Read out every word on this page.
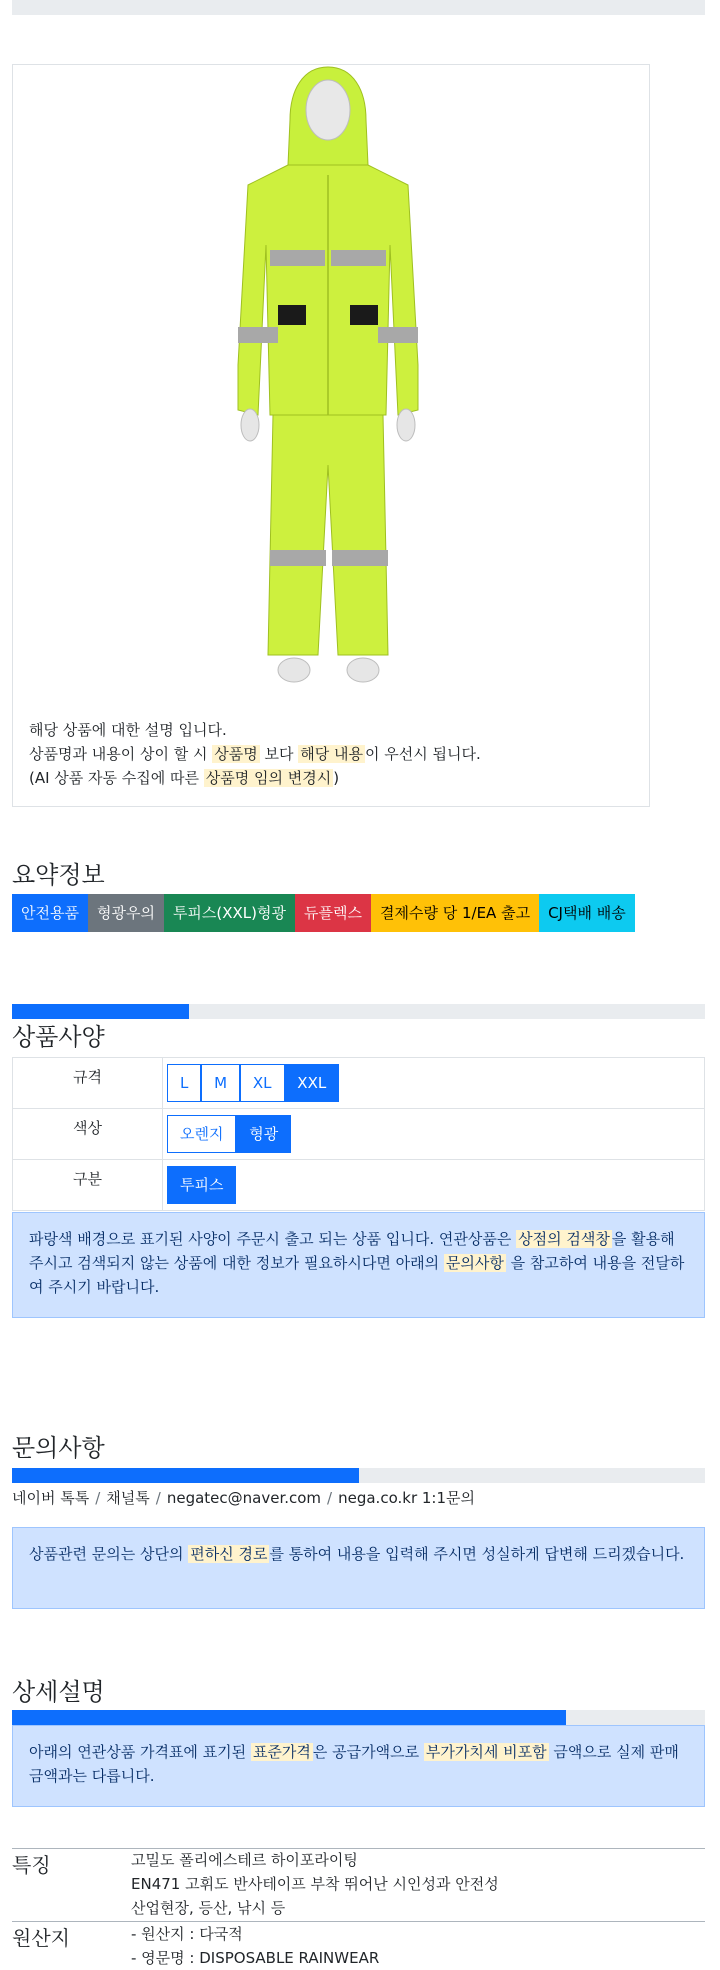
해당 상품에 대한 설명 입니다.
상품명과 내용이 상이 할 시 상품명 보다 해당 내용 이 우선시 됩니다.
(AI 상품 자동 수집에 따른 상품명 임의 변경시 )
요약정보
안전용품	형광우의	투피스(XXL)형광	듀플렉스	결제수량 당 1/EA 출고	CJ택배 배송
상품사양
규격	L M XL XXL
색상	오렌지 형광
구분	투피스
파랑색 배경으로 표기된 사양이 주문시 출고 되는 상품 입니다. 연관상품은 상점의 검색창 을 활용해 주시고 검색되지 않는 상품에 대한 정보가 필요하시다면 아래의 문의사항 을 참고하여 내용을 전달하여 주시기 바랍니다.
문의사항
네이버 톡톡 / 채널톡 / negatec@naver.com / nega.co.kr 1:1문의
상품관련 문의는 상단의 편하신 경로 를 통하여 내용을 입력해 주시면 성실하게 답변해 드리겠습니다.
상세설명
아래의 연관상품 가격표에 표기된 표준가격 은 공급가액으로 부가가치세 비포함 금액으로 실제 판매금액과는 다릅니다.
특징	고밀도 폴리에스테르 하이포라이팅
EN471 고휘도 반사테이프 부착 뛰어난 시인성과 안전성
산업현장, 등산, 낚시 등
원산지	- 원산지 : 다국적
- 영문명 : DISPOSABLE RAINWEAR
